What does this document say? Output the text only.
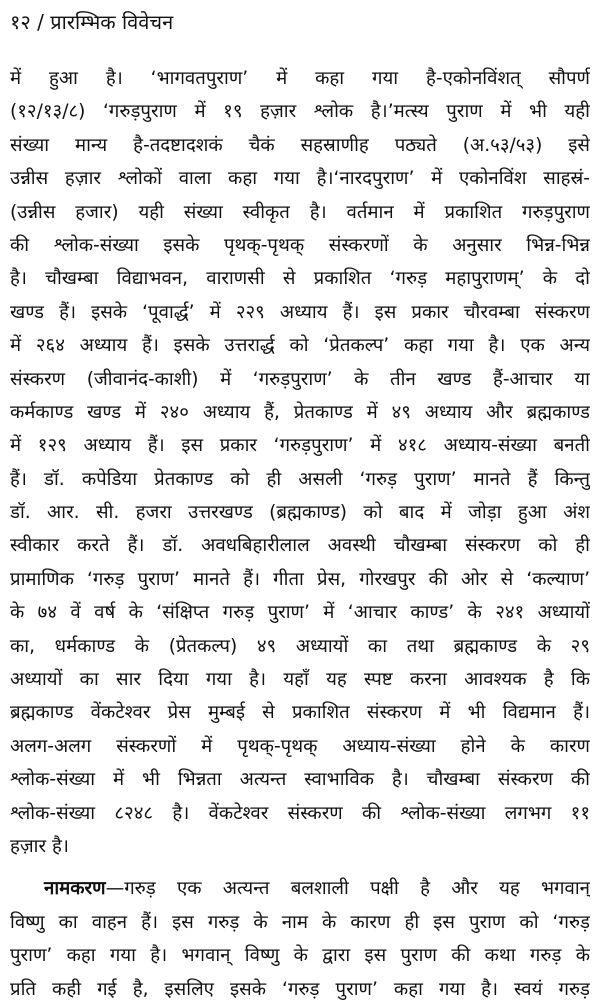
१२ / प्रारम्भिक विवेचन
में हुआ है। ‘भागवतपुराण’ में कहा गया है-एकोनविंशत् सौपर्ण
(१२/१३/८) ‘गरुड़पुराण में १९ हज़ार श्लोक है।’मत्स्य पुराण में भी यही
संख्या मान्य है-तदष्टादशकं चैकं सहस्राणीह पठ्यते (अ.५३/५३) इसे
उन्नीस हज़ार श्लोकों वाला कहा गया है।‘नारदपुराण’ में एकोनविंश साहस्रं-
(उन्नीस हजार) यही संख्या स्वीकृत है। वर्तमान में प्रकाशित गरुड़पुराण
की श्लोक-संख्या इसके पृथक्-पृथक् संस्करणों के अनुसार भिन्न-भिन्न
है। चौखम्बा विद्याभवन, वाराणसी से प्रकाशित ‘गरुड़ महापुराणम्’ के दो
खण्ड हैं। इसके ‘पूवार्द्ध’ में २२९ अध्याय हैं। इस प्रकार चौरवम्बा संस्करण
में २६४ अध्याय हैं। इसके उत्तरार्द्ध को ‘प्रेतकल्प’ कहा गया है। एक अन्य
संस्करण (जीवानंद-काशी) में ‘गरुड़पुराण’ के तीन खण्ड हैं-आचार या
कर्मकाण्ड खण्ड में २४० अध्याय हैं, प्रेतकाण्ड में ४९ अध्याय और ब्रह्मकाण्ड
में १२९ अध्याय हैं। इस प्रकार ‘गरुड़पुराण’ में ४१८ अध्याय-संख्या बनती
हैं। डॉ. कपेडिया प्रेतकाण्ड को ही असली ‘गरुड़ पुराण’ मानते हैं किन्तु
डॉ. आर. सी. हजरा उत्तरखण्ड (ब्रह्मकाण्ड) को बाद में जोड़ा हुआ अंश
स्वीकार करते हैं। डॉ. अवधबिहारीलाल अवस्थी चौखम्बा संस्करण को ही
प्रामाणिक ‘गरुड़ पुराण’ मानते हैं। गीता प्रेस, गोरखपुर की ओर से ‘कल्याण’
के ७४ वें वर्ष के ‘संक्षिप्त गरुड़ पुराण’ में ‘आचार काण्ड’ के २४१ अध्यायों
का, धर्मकाण्ड के (प्रेतकल्प) ४९ अध्यायों का तथा ब्रह्मकाण्ड के २९
अध्यायों का सार दिया गया है। यहाँ यह स्पष्ट करना आवश्यक है कि
ब्रह्मकाण्ड वेंकटेश्वर प्रेस मुम्बई से प्रकाशित संस्करण में भी विद्यमान हैं।
अलग-अलग संस्करणों में पृथक्-पृथक् अध्याय-संख्या होने के कारण
श्लोक-संख्या में भी भिन्नता अत्यन्त स्वाभाविक है। चौखम्बा संस्करण की
श्लोक-संख्या ८२४८ है। वेंकटेश्वर संस्करण की श्लोक-संख्या लगभग ११
हज़ार है।
नामकरण—गरुड़ एक अत्यन्त बलशाली पक्षी है और यह भगवान्
विष्णु का वाहन हैं। इस गरुड़ के नाम के कारण ही इस पुराण को ‘गरुड़
पुराण’ कहा गया है। भगवान् विष्णु के द्वारा इस पुराण की कथा गरुड़ के
प्रति कही गई है, इसलिए इसके ‘गरुड़ पुराण’ कहा गया है। स्वयं गरुड़
